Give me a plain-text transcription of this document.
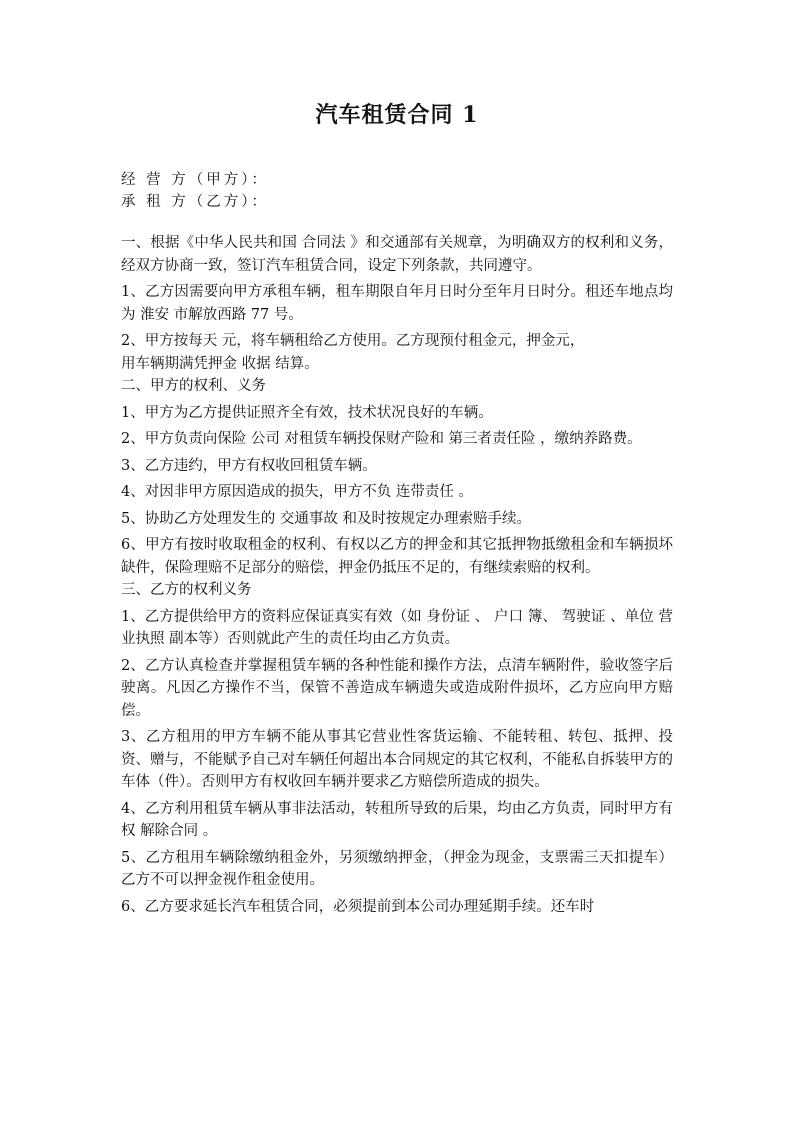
汽车租赁合同 1
经 营 方（甲方）：
承 租 方（乙方）：

一、根据《中华人民共和国 合同法 》和交通部有关规章，为明确双方的权利和义务，经双方协商一致，签订汽车租赁合同，设定下列条款，共同遵守。

1、乙方因需要向甲方承租车辆，租车期限自年月日时分至年月日时分。租还车地点均为 淮安 市解放西路 77 号。

2、甲方按每天 元，将车辆租给乙方使用。乙方现预付租金元，押金元，

用车辆期满凭押金 收据 结算。

二、甲方的权利、义务

1、甲方为乙方提供证照齐全有效，技术状况良好的车辆。

2、甲方负责向保险 公司 对租赁车辆投保财产险和 第三者责任险 ，缴纳养路费。

3、乙方违约，甲方有权收回租赁车辆。

4、对因非甲方原因造成的损失，甲方不负 连带责任 。

5、协助乙方处理发生的 交通事故 和及时按规定办理索赔手续。

6、甲方有按时收取租金的权利、有权以乙方的押金和其它抵押物抵缴租金和车辆损坏缺件，保险理赔不足部分的赔偿，押金仍抵压不足的，有继续索赔的权利。

三、乙方的权利义务

1、乙方提供给甲方的资料应保证真实有效（如 身份证 、 户口 簿、 驾驶证 、单位 营业执照 副本等）否则就此产生的责任均由乙方负责。

2、乙方认真检查并掌握租赁车辆的各种性能和操作方法，点清车辆附件，验收签字后驶离。凡因乙方操作不当，保管不善造成车辆遗失或造成附件损坏，乙方应向甲方赔偿。

3、乙方租用的甲方车辆不能从事其它营业性客货运输、不能转租、转包、抵押、投资、赠与，不能赋予自己对车辆任何超出本合同规定的其它权利，不能私自拆装甲方的车体（件）。否则甲方有权收回车辆并要求乙方赔偿所造成的损失。

4、乙方利用租赁车辆从事非法活动，转租所导致的后果，均由乙方负责，同时甲方有权 解除合同 。

5、乙方租用车辆除缴纳租金外，另须缴纳押金，（押金为现金，支票需三天扣提车）乙方不可以押金视作租金使用。

6、乙方要求延长汽车租赁合同，必须提前到本公司办理延期手续。还车时
